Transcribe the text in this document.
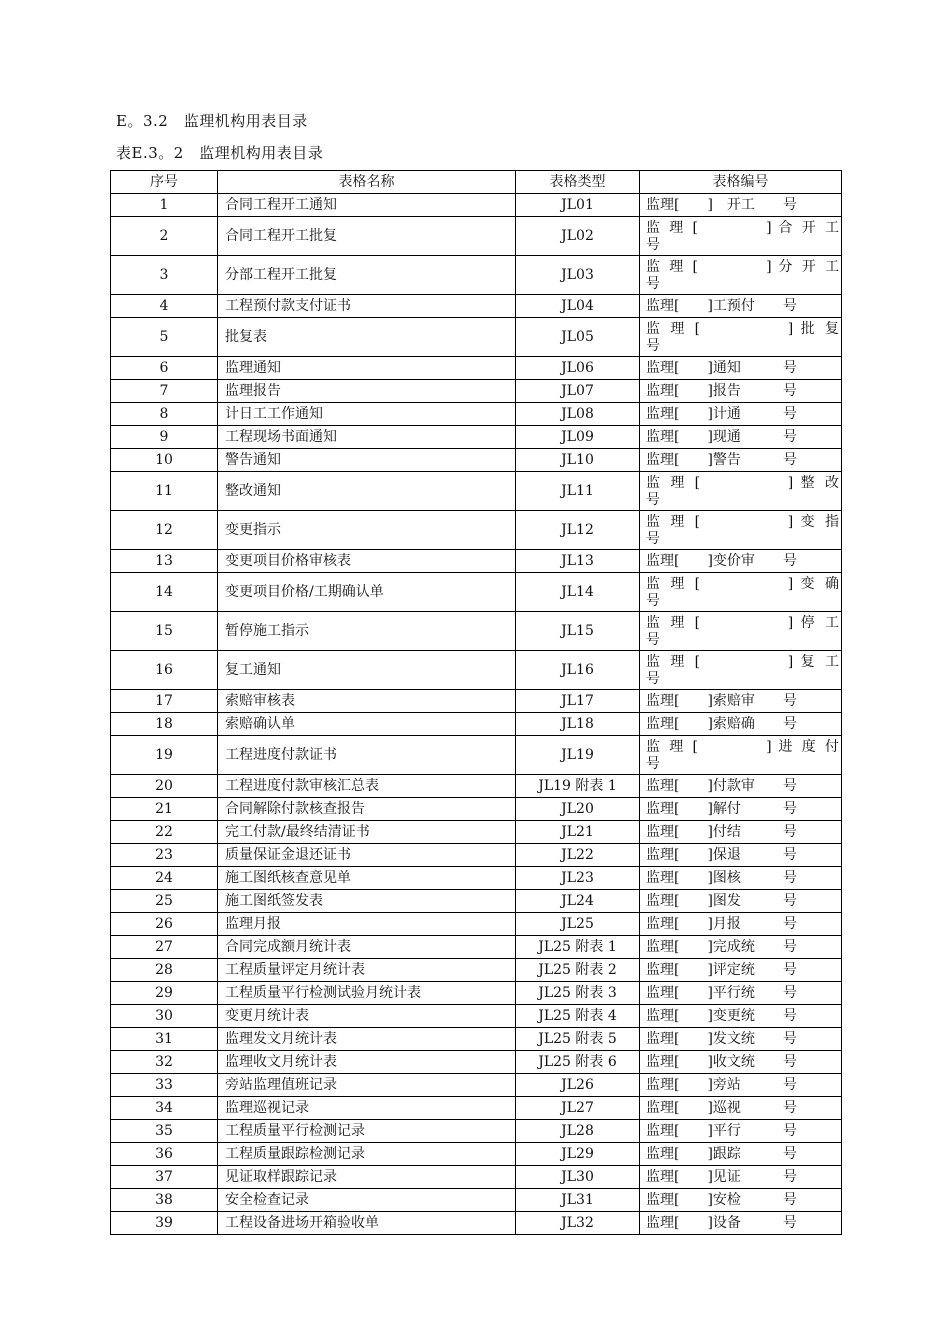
E。3.2　监理机构用表目录
表E.3。2　监理机构用表目录
序号	表格名称	表格类型	表格编号
1	合同工程开工通知	JL01	监理[　　]　开工　　号
2	合同工程开工批复	JL02	监 理 [　　　　] 合 开 工
号

3	分部工程开工批复	JL03	监 理 [　　　　] 分 开 工
号

4	工程预付款支付证书	JL04	监理[　　]工预付　　号
5	批复表	JL05	监 理 [　　　　　] 批 复
号

6	监理通知	JL06	监理[　　]通知　　　号
7	监理报告	JL07	监理[　　]报告　　　号
8	计日工工作通知	JL08	监理[　　]计通　　　号
9	工程现场书面通知	JL09	监理[　　]现通　　　号
10	警告通知	JL10	监理[　　]警告　　　号
11	整改通知	JL11	监 理 [　　　　　] 整 改
号

12	变更指示	JL12	监 理 [　　　　　] 变 指
号

13	变更项目价格审核表	JL13	监理[　　]变价审　　号
14	变更项目价格/工期确认单	JL14	监 理 [　　　　　] 变 确
号

15	暂停施工指示	JL15	监 理 [　　　　　] 停 工
号

16	复工通知	JL16	监 理 [　　　　　] 复 工
号

17	索赔审核表	JL17	监理[　　]索赔审　　号
18	索赔确认单	JL18	监理[　　]索赔确　　号
19	工程进度付款证书	JL19	监 理 [　　　　] 进 度 付
号

20	工程进度付款审核汇总表	JL19 附表 1	监理[　　]付款审　　号
21	合同解除付款核查报告	JL20	监理[　　]解付　　　号
22	完工付款/最终结清证书	JL21	监理[　　]付结　　　号
23	质量保证金退还证书	JL22	监理[　　]保退　　　号
24	施工图纸核查意见单	JL23	监理[　　]图核　　　号
25	施工图纸签发表	JL24	监理[　　]图发　　　号
26	监理月报	JL25	监理[　　]月报　　　号
27	合同完成额月统计表	JL25 附表 1	监理[　　]完成统　　号
28	工程质量评定月统计表	JL25 附表 2	监理[　　]评定统　　号
29	工程质量平行检测试验月统计表	JL25 附表 3	监理[　　]平行统　　号
30	变更月统计表	JL25 附表 4	监理[　　]变更统　　号
31	监理发文月统计表	JL25 附表 5	监理[　　]发文统　　号
32	监理收文月统计表	JL25 附表 6	监理[　　]收文统　　号
33	旁站监理值班记录	JL26	监理[　　]旁站　　　号
34	监理巡视记录	JL27	监理[　　]巡视　　　号
35	工程质量平行检测记录	JL28	监理[　　]平行　　　号
36	工程质量跟踪检测记录	JL29	监理[　　]跟踪　　　号
37	见证取样跟踪记录	JL30	监理[　　]见证　　　号
38	安全检查记录	JL31	监理[　　]安检　　　号
39	工程设备进场开箱验收单	JL32	监理[　　]设备　　　号
